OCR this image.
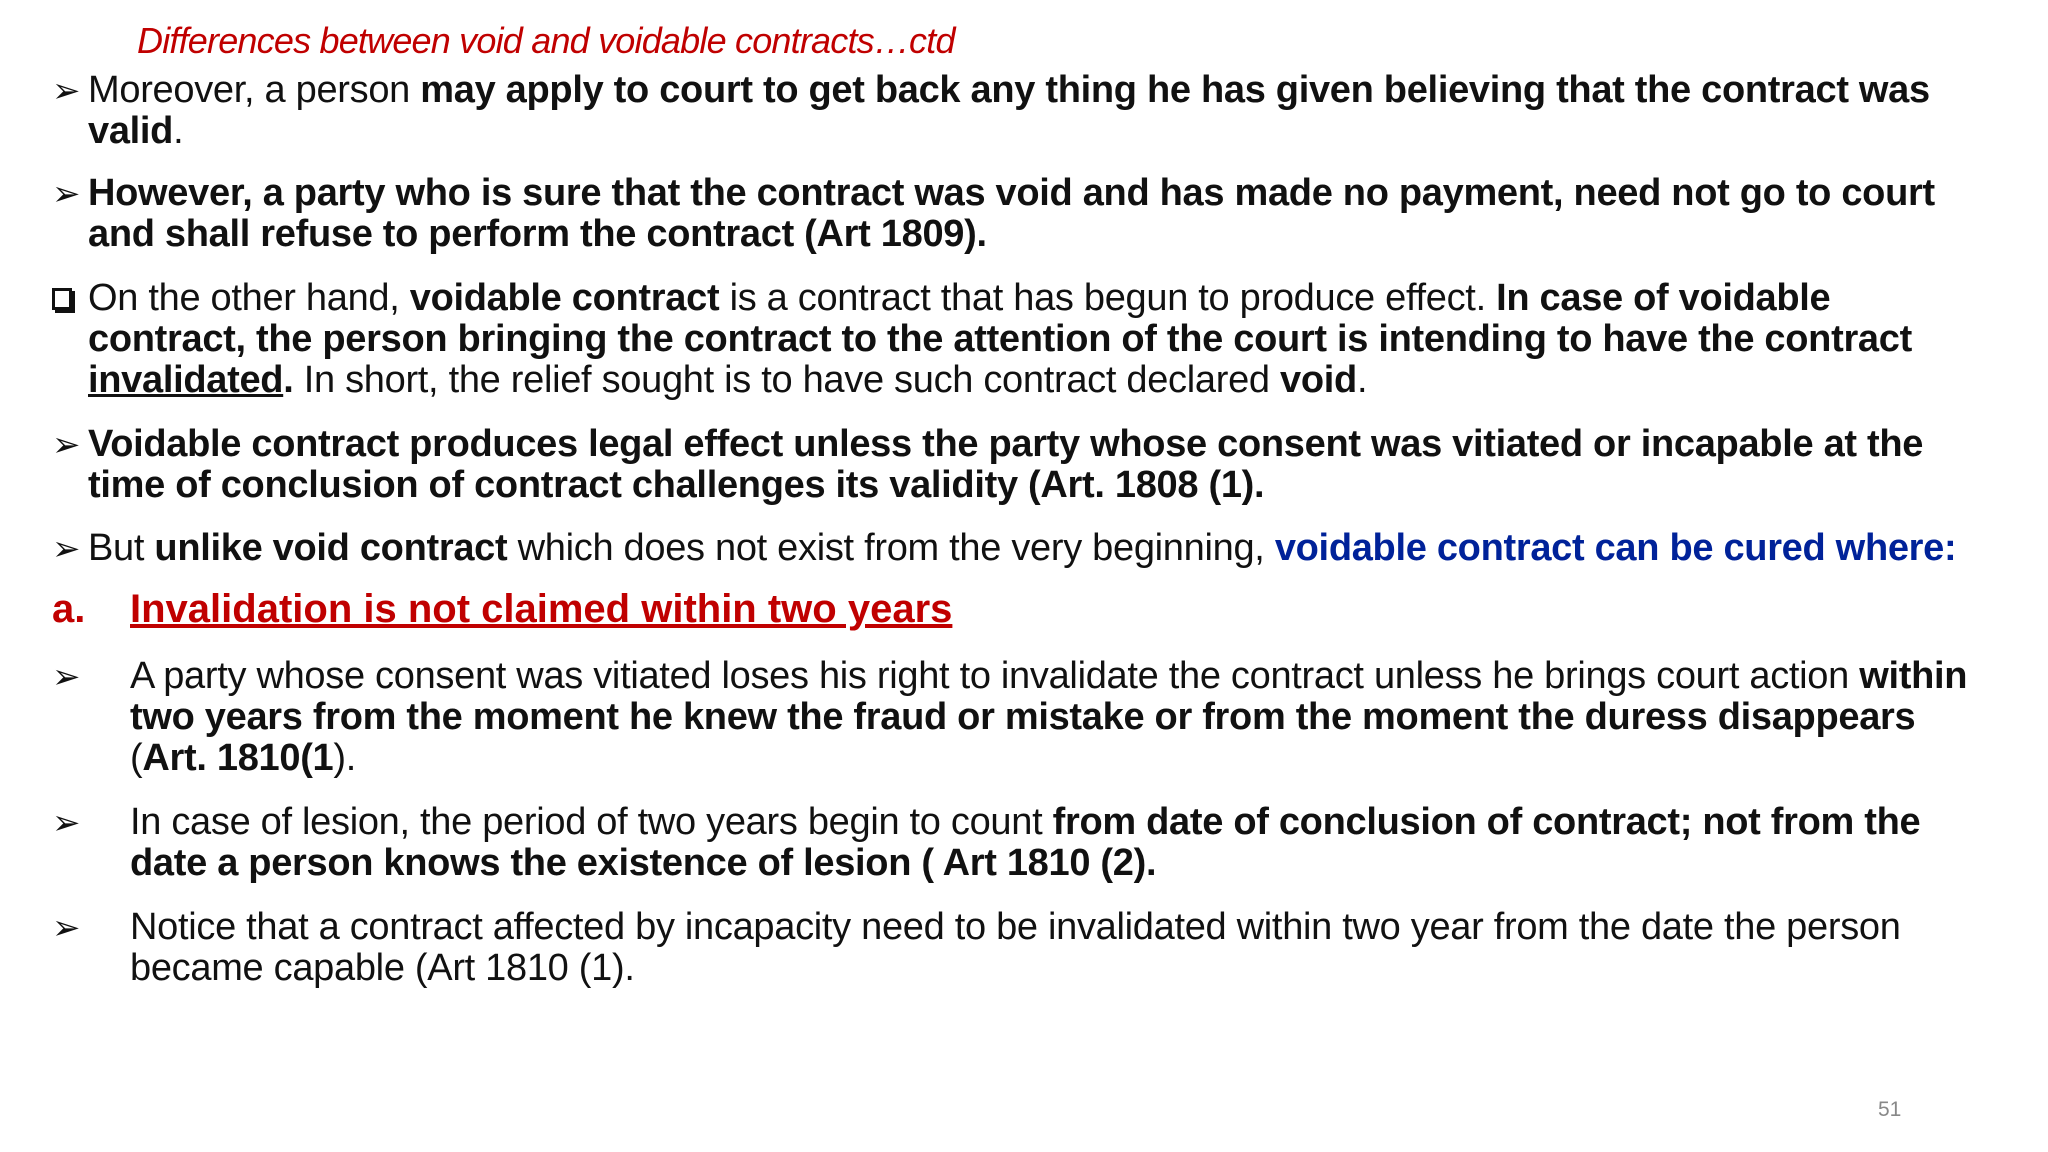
Differences between void and voidable contracts…ctd
➢ Moreover, a person may apply to court to get back any thing he has given believing that the contract was valid.
➢ However, a party who is sure that the contract was void and has made no payment, need not go to court and shall refuse to perform the contract (Art 1809).
On the other hand, voidable contract is a contract that has begun to produce effect. In case of voidable contract, the person bringing the contract to the attention of the court is intending to have the contract invalidated. In short, the relief sought is to have such contract declared void.
➢ Voidable contract produces legal effect unless the party whose consent was vitiated or incapable at the time of conclusion of contract challenges its validity (Art. 1808 (1).
➢ But unlike void contract which does not exist from the very beginning, voidable contract can be cured where:
a.	Invalidation is not claimed within two years
➢	A party whose consent was vitiated loses his right to invalidate the contract unless he brings court action within two years from the moment he knew the fraud or mistake or from the moment the duress disappears (Art. 1810(1).
➢	In case of lesion, the period of two years begin to count from date of conclusion of contract; not from the date a person knows the existence of lesion ( Art 1810 (2).
➢	Notice that a contract affected by incapacity need to be invalidated within two year from the date the person became capable (Art 1810 (1).
51
